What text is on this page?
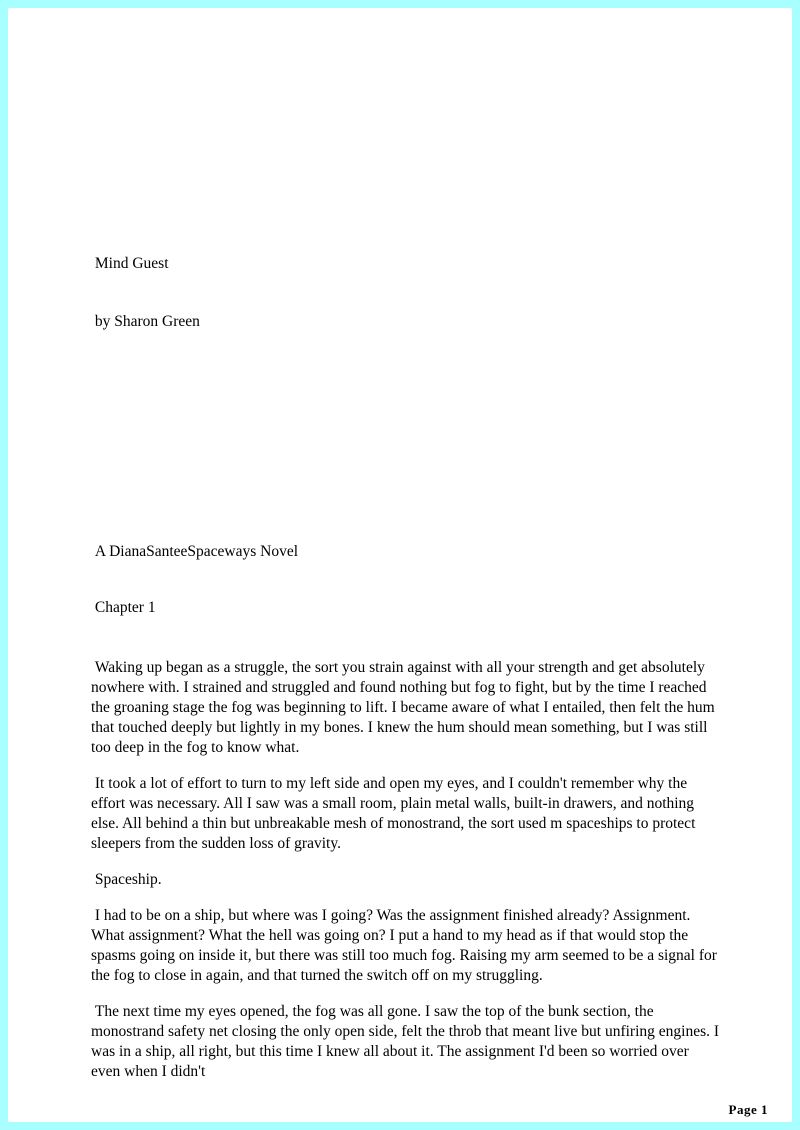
Mind Guest
by Sharon Green
A DianaSanteeSpaceways Novel
Chapter 1

Waking up began as a struggle, the sort you strain against with all your strength and get absolutely nowhere with. I strained and struggled and found nothing but fog to fight, but by the time I reached the groaning stage the fog was beginning to lift. I became aware of what I entailed, then felt the hum that touched deeply but lightly in my bones. I knew the hum should mean something, but I was still too deep in the fog to know what.

It took a lot of effort to turn to my left side and open my eyes, and I couldn't remember why the effort was necessary. All I saw was a small room, plain metal walls, built-in drawers, and nothing else. All behind a thin but unbreakable mesh of monostrand, the sort used m spaceships to protect sleepers from the sudden loss of gravity.

Spaceship.

I had to be on a ship, but where was I going? Was the assignment finished already? Assignment. What assignment? What the hell was going on? I put a hand to my head as if that would stop the spasms going on inside it, but there was still too much fog. Raising my arm seemed to be a signal for the fog to close in again, and that turned the switch off on my struggling.

The next time my eyes opened, the fog was all gone. I saw the top of the bunk section, the monostrand safety net closing the only open side, felt the throb that meant live but unfiring engines. I was in a ship, all right, but this time I knew all about it. The assignment I'd been so worried over even when I didn't

Page 1
